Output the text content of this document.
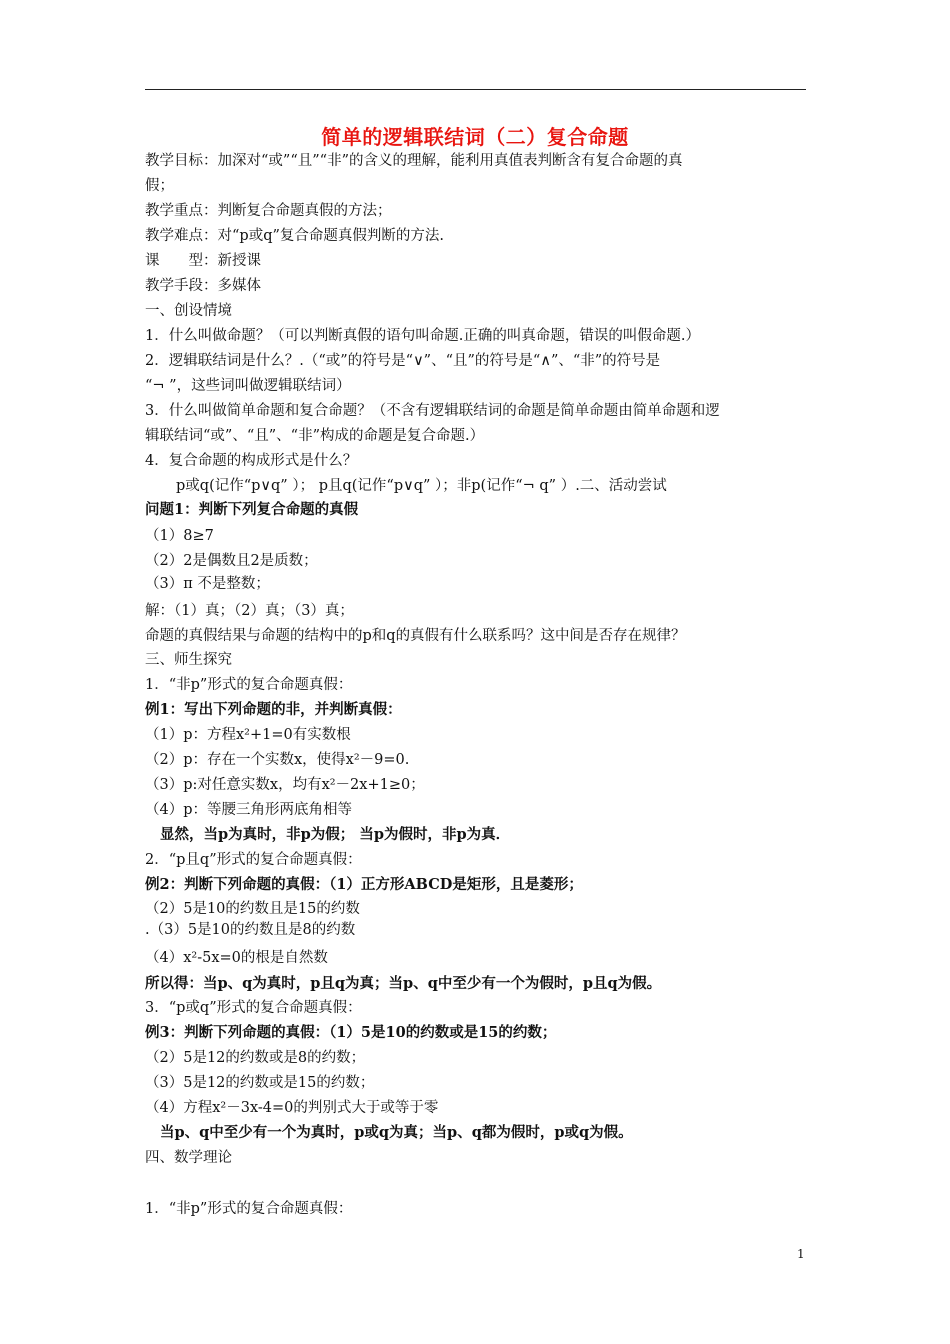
简单的逻辑联结词（二）复合命题
教学目标：加深对“或”“且”“非”的含义的理解，能利用真值表判断含有复合命题的真
假；
教学重点：判断复合命题真假的方法；
教学难点：对“p或q”复合命题真假判断的方法.
课　　型：新授课
教学手段：多媒体
一、创设情境
1．什么叫做命题？（可以判断真假的语句叫命题.正确的叫真命题，错误的叫假命题.）
2．逻辑联结词是什么？.（“或”的符号是“∨”、“且”的符号是“∧”、“非”的符号是
“¬ ”，这些词叫做逻辑联结词）
3．什么叫做简单命题和复合命题？（不含有逻辑联结词的命题是简单命题由简单命题和逻
辑联结词“或”、“且”、“非”构成的命题是复合命题.）
4．复合命题的构成形式是什么？
p或q(记作“p∨q” ）； p且q(记作“p∨q” ）；非p(记作“¬ q” ）.二、活动尝试
问题1：判断下列复合命题的真假
（1）8≥7
（2）2是偶数且2是质数；
（3）π 不是整数；
解：（1）真；（2）真；（3）真；
命题的真假结果与命题的结构中的p和q的真假有什么联系吗？这中间是否存在规律？
三、师生探究
1．“非p”形式的复合命题真假：
例1：写出下列命题的非，并判断真假：
（1）p：方程x²+1=0有实数根
（2）p：存在一个实数x，使得x²－9=0.
（3）p:对任意实数x，均有x²－2x+1≥0；
（4）p：等腰三角形两底角相等
显然，当p为真时，非p为假； 当p为假时，非p为真．
2．“p且q”形式的复合命题真假：
例2：判断下列命题的真假：（1）正方形ABCD是矩形，且是菱形；
（2）5是10的约数且是15的约数
.（3）5是10的约数且是8的约数
（4）x²-5x=0的根是自然数
所以得：当p、q为真时，p且q为真；当p、q中至少有一个为假时，p且q为假。
3．“p或q”形式的复合命题真假：
例3：判断下列命题的真假：（1）5是10的约数或是15的约数；
（2）5是12的约数或是8的约数；
（3）5是12的约数或是15的约数；
（4）方程x²－3x-4=0的判别式大于或等于零
当p、q中至少有一个为真时，p或q为真；当p、q都为假时，p或q为假。
四、数学理论
1．“非p”形式的复合命题真假：
1
